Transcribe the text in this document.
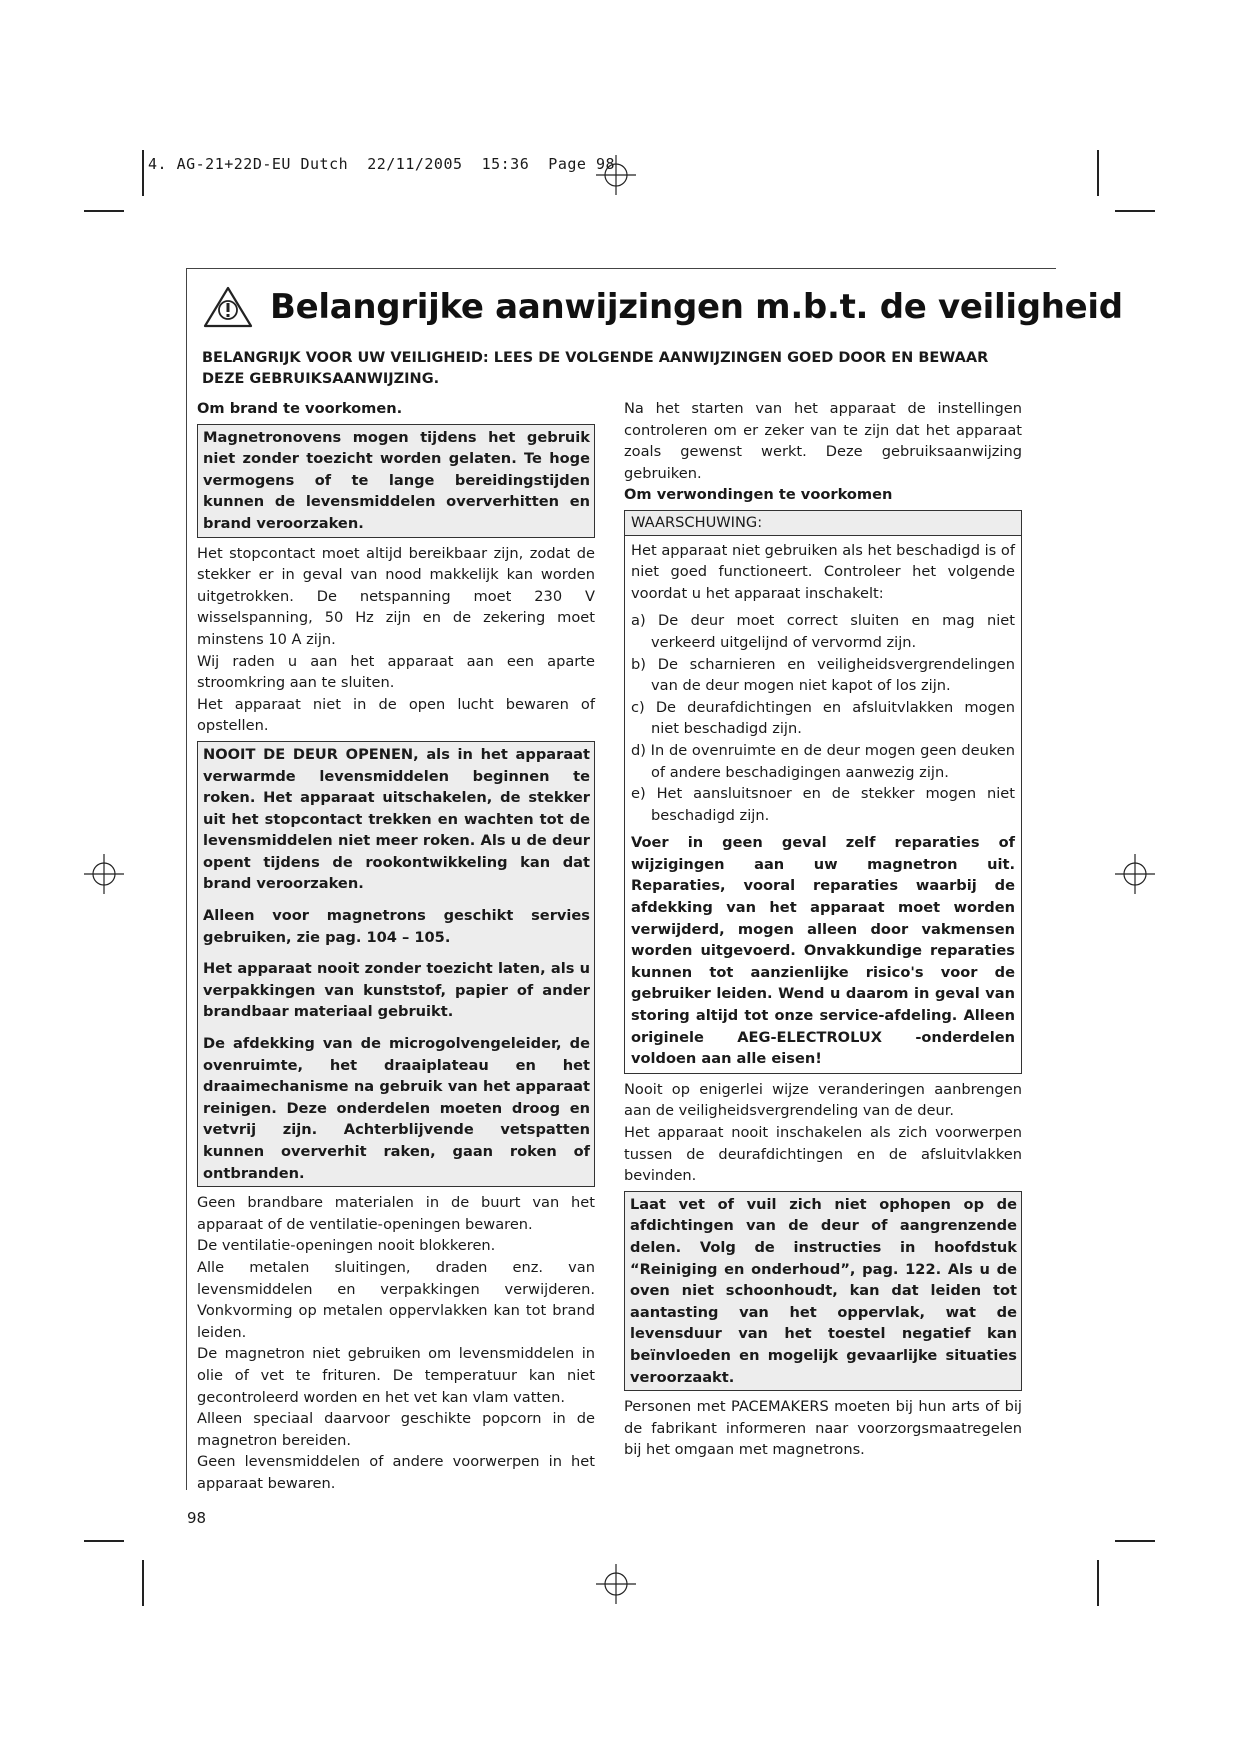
4. AG-21+22D-EU Dutch  22/11/2005  15:36  Page 98
Belangrijke aanwijzingen m.b.t. de veiligheid
BELANGRIJK VOOR UW VEILIGHEID: LEES DE VOLGENDE AANWIJZINGEN GOED DOOR EN BEWAAR DEZE GEBRUIKSAANWIJZING.

Om brand te voorkomen.

Magnetronovens mogen tijdens het gebruik niet zonder toezicht worden gelaten. Te hoge vermogens of te lange bereidingstijden kunnen de levensmiddelen oververhitten en brand veroorzaken.

Het stopcontact moet altijd bereikbaar zijn, zodat de stekker er in geval van nood makkelijk kan worden uitgetrokken. De netspanning moet 230 V wisselspanning, 50 Hz zijn en de zekering moet minstens 10 A zijn.

Wij raden u aan het apparaat aan een aparte stroomkring aan te sluiten.

Het apparaat niet in de open lucht bewaren of opstellen.

NOOIT DE DEUR OPENEN, als in het apparaat verwarmde levensmiddelen beginnen te roken. Het apparaat uitschakelen, de stekker uit het stopcontact trekken en wachten tot de levensmiddelen niet meer roken. Als u de deur opent tijdens de rookontwikkeling kan dat brand veroorzaken.

Alleen voor magnetrons geschikt servies gebruiken, zie pag. 104 – 105.

Het apparaat nooit zonder toezicht laten, als u verpakkingen van kunststof, papier of ander brandbaar materiaal gebruikt.

De afdekking van de microgolvengeleider, de ovenruimte, het draaiplateau en het draaimechanisme na gebruik van het apparaat reinigen. Deze onderdelen moeten droog en vetvrij zijn. Achterblijvende vetspatten kunnen oververhit raken, gaan roken of ontbranden.

Geen brandbare materialen in de buurt van het apparaat of de ventilatie-openingen bewaren.

De ventilatie-openingen nooit blokkeren.

Alle metalen sluitingen, draden enz. van levensmiddelen en verpakkingen verwijderen. Vonkvorming op metalen oppervlakken kan tot brand leiden.

De magnetron niet gebruiken om levensmiddelen in olie of vet te frituren. De temperatuur kan niet gecontroleerd worden en het vet kan vlam vatten.

Alleen speciaal daarvoor geschikte popcorn in de magnetron bereiden.

Geen levensmiddelen of andere voorwerpen in het apparaat bewaren.

Na het starten van het apparaat de instellingen controleren om er zeker van te zijn dat het apparaat zoals gewenst werkt. Deze gebruiksaanwijzing gebruiken.

Om verwondingen te voorkomen

WAARSCHUWING:

Het apparaat niet gebruiken als het beschadigd is of niet goed functioneert. Controleer het volgende voordat u het apparaat inschakelt:

a) De deur moet correct sluiten en mag niet verkeerd uitgelijnd of vervormd zijn.
b) De scharnieren en veiligheidsvergrendelingen van de deur mogen niet kapot of los zijn.
c) De deurafdichtingen en afsluitvlakken mogen niet beschadigd zijn.
d) In de ovenruimte en de deur mogen geen deuken of andere beschadigingen aanwezig zijn.
e) Het aansluitsnoer en de stekker mogen niet beschadigd zijn.

Voer in geen geval zelf reparaties of wijzigingen aan uw magnetron uit. Reparaties, vooral reparaties waarbij de afdekking van het apparaat moet worden verwijderd, mogen alleen door vakmensen worden uitgevoerd. Onvakkundige reparaties kunnen tot aanzienlijke risico's voor de gebruiker leiden. Wend u daarom in geval van storing altijd tot onze service-afdeling. Alleen originele AEG-ELECTROLUX -onderdelen voldoen aan alle eisen!

Nooit op enigerlei wijze veranderingen aanbrengen aan de veiligheidsvergrendeling van de deur.

Het apparaat nooit inschakelen als zich voorwerpen tussen de deurafdichtingen en de afsluitvlakken bevinden.

Laat vet of vuil zich niet ophopen op de afdichtingen van de deur of aangrenzende delen. Volg de instructies in hoofdstuk “Reiniging en onderhoud”, pag. 122. Als u de oven niet schoonhoudt, kan dat leiden tot aantasting van het oppervlak, wat de levensduur van het toestel negatief kan beïnvloeden en mogelijk gevaarlijke situaties veroorzaakt.

Personen met PACEMAKERS moeten bij hun arts of bij de fabrikant informeren naar voorzorgsmaatregelen bij het omgaan met magnetrons.

98
